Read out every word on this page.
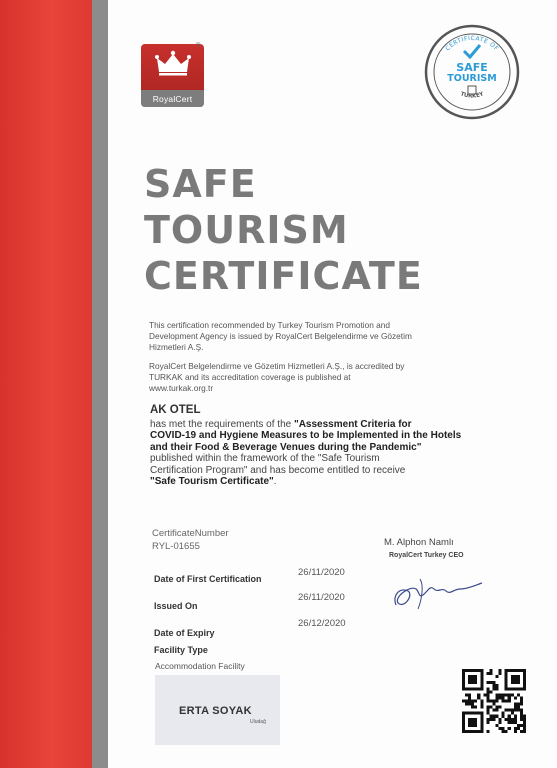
RoyalCert
®	CERTIFICATE OF
SAFE
TOURISM
TURKEY
SAFE
TOURISM
CERTIFICATE
This certification recommended by Turkey Tourism Promotion and
Development Agency is issued by RoyalCert Belgelendirme ve Gözetim
Hizmetleri A.Ş.
RoyalCert Belgelendirme ve Gözetim Hizmetleri A.Ş., is accredited by
TURKAK and its accreditation coverage is published at
www.turkak.org.tr
AK OTEL
has met the requirements of the "Assessment Criteria for
COVID-19 and Hygiene Measures to be Implemented in the Hotels
and their Food & Beverage Venues during the Pandemic"
published within the framework of the "Safe Tourism
Certification Program" and has become entitled to receive
"Safe Tourism Certificate".
CertificateNumber
RYL-01655	M. Alphon Namlı
RoyalCert Turkey CEO
Date of First Certification
26/11/2020
Issued On
26/11/2020
Date of Expiry
26/12/2020
Facility Type
Accommodation Facility
ERTA SOYAK
Uludağ
